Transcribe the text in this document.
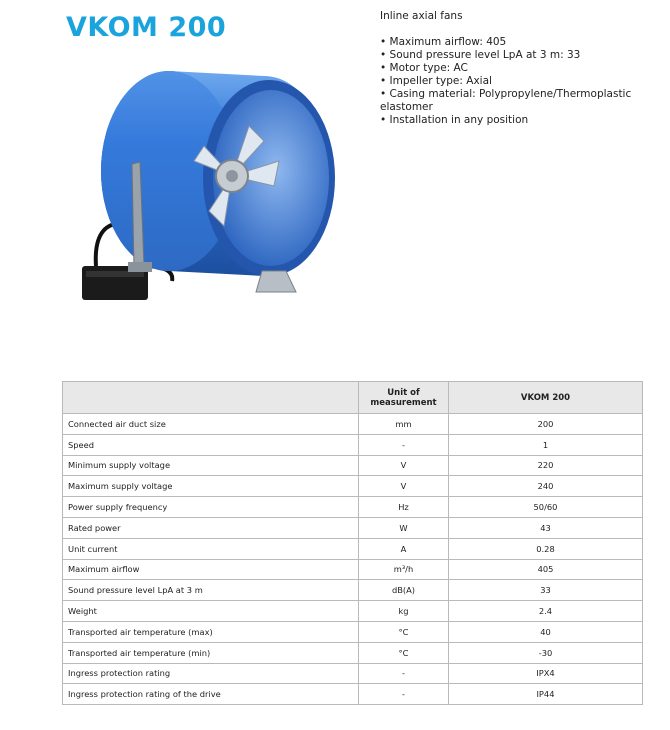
VKOM 200	Inline axial fans
• Maximum airflow: 405
• Sound pressure level LpA at 3 m: 33
• Motor type: AC
• Impeller type: Axial
• Casing material: Polypropylene/Thermoplastic elastomer
• Installation in any position
	Unit of measurement	VKOM 200
Connected air duct size	mm	200
Speed	-	1
Minimum supply voltage	V	220
Maximum supply voltage	V	240
Power supply frequency	Hz	50/60
Rated power	W	43
Unit current	A	0.28
Maximum airflow	m³/h	405
Sound pressure level LpA at 3 m	dB(A)	33
Weight	kg	2.4
Transported air temperature (max)	°C	40
Transported air temperature (min)	°C	-30
Ingress protection rating	-	IPX4
Ingress protection rating of the drive	-	IP44
